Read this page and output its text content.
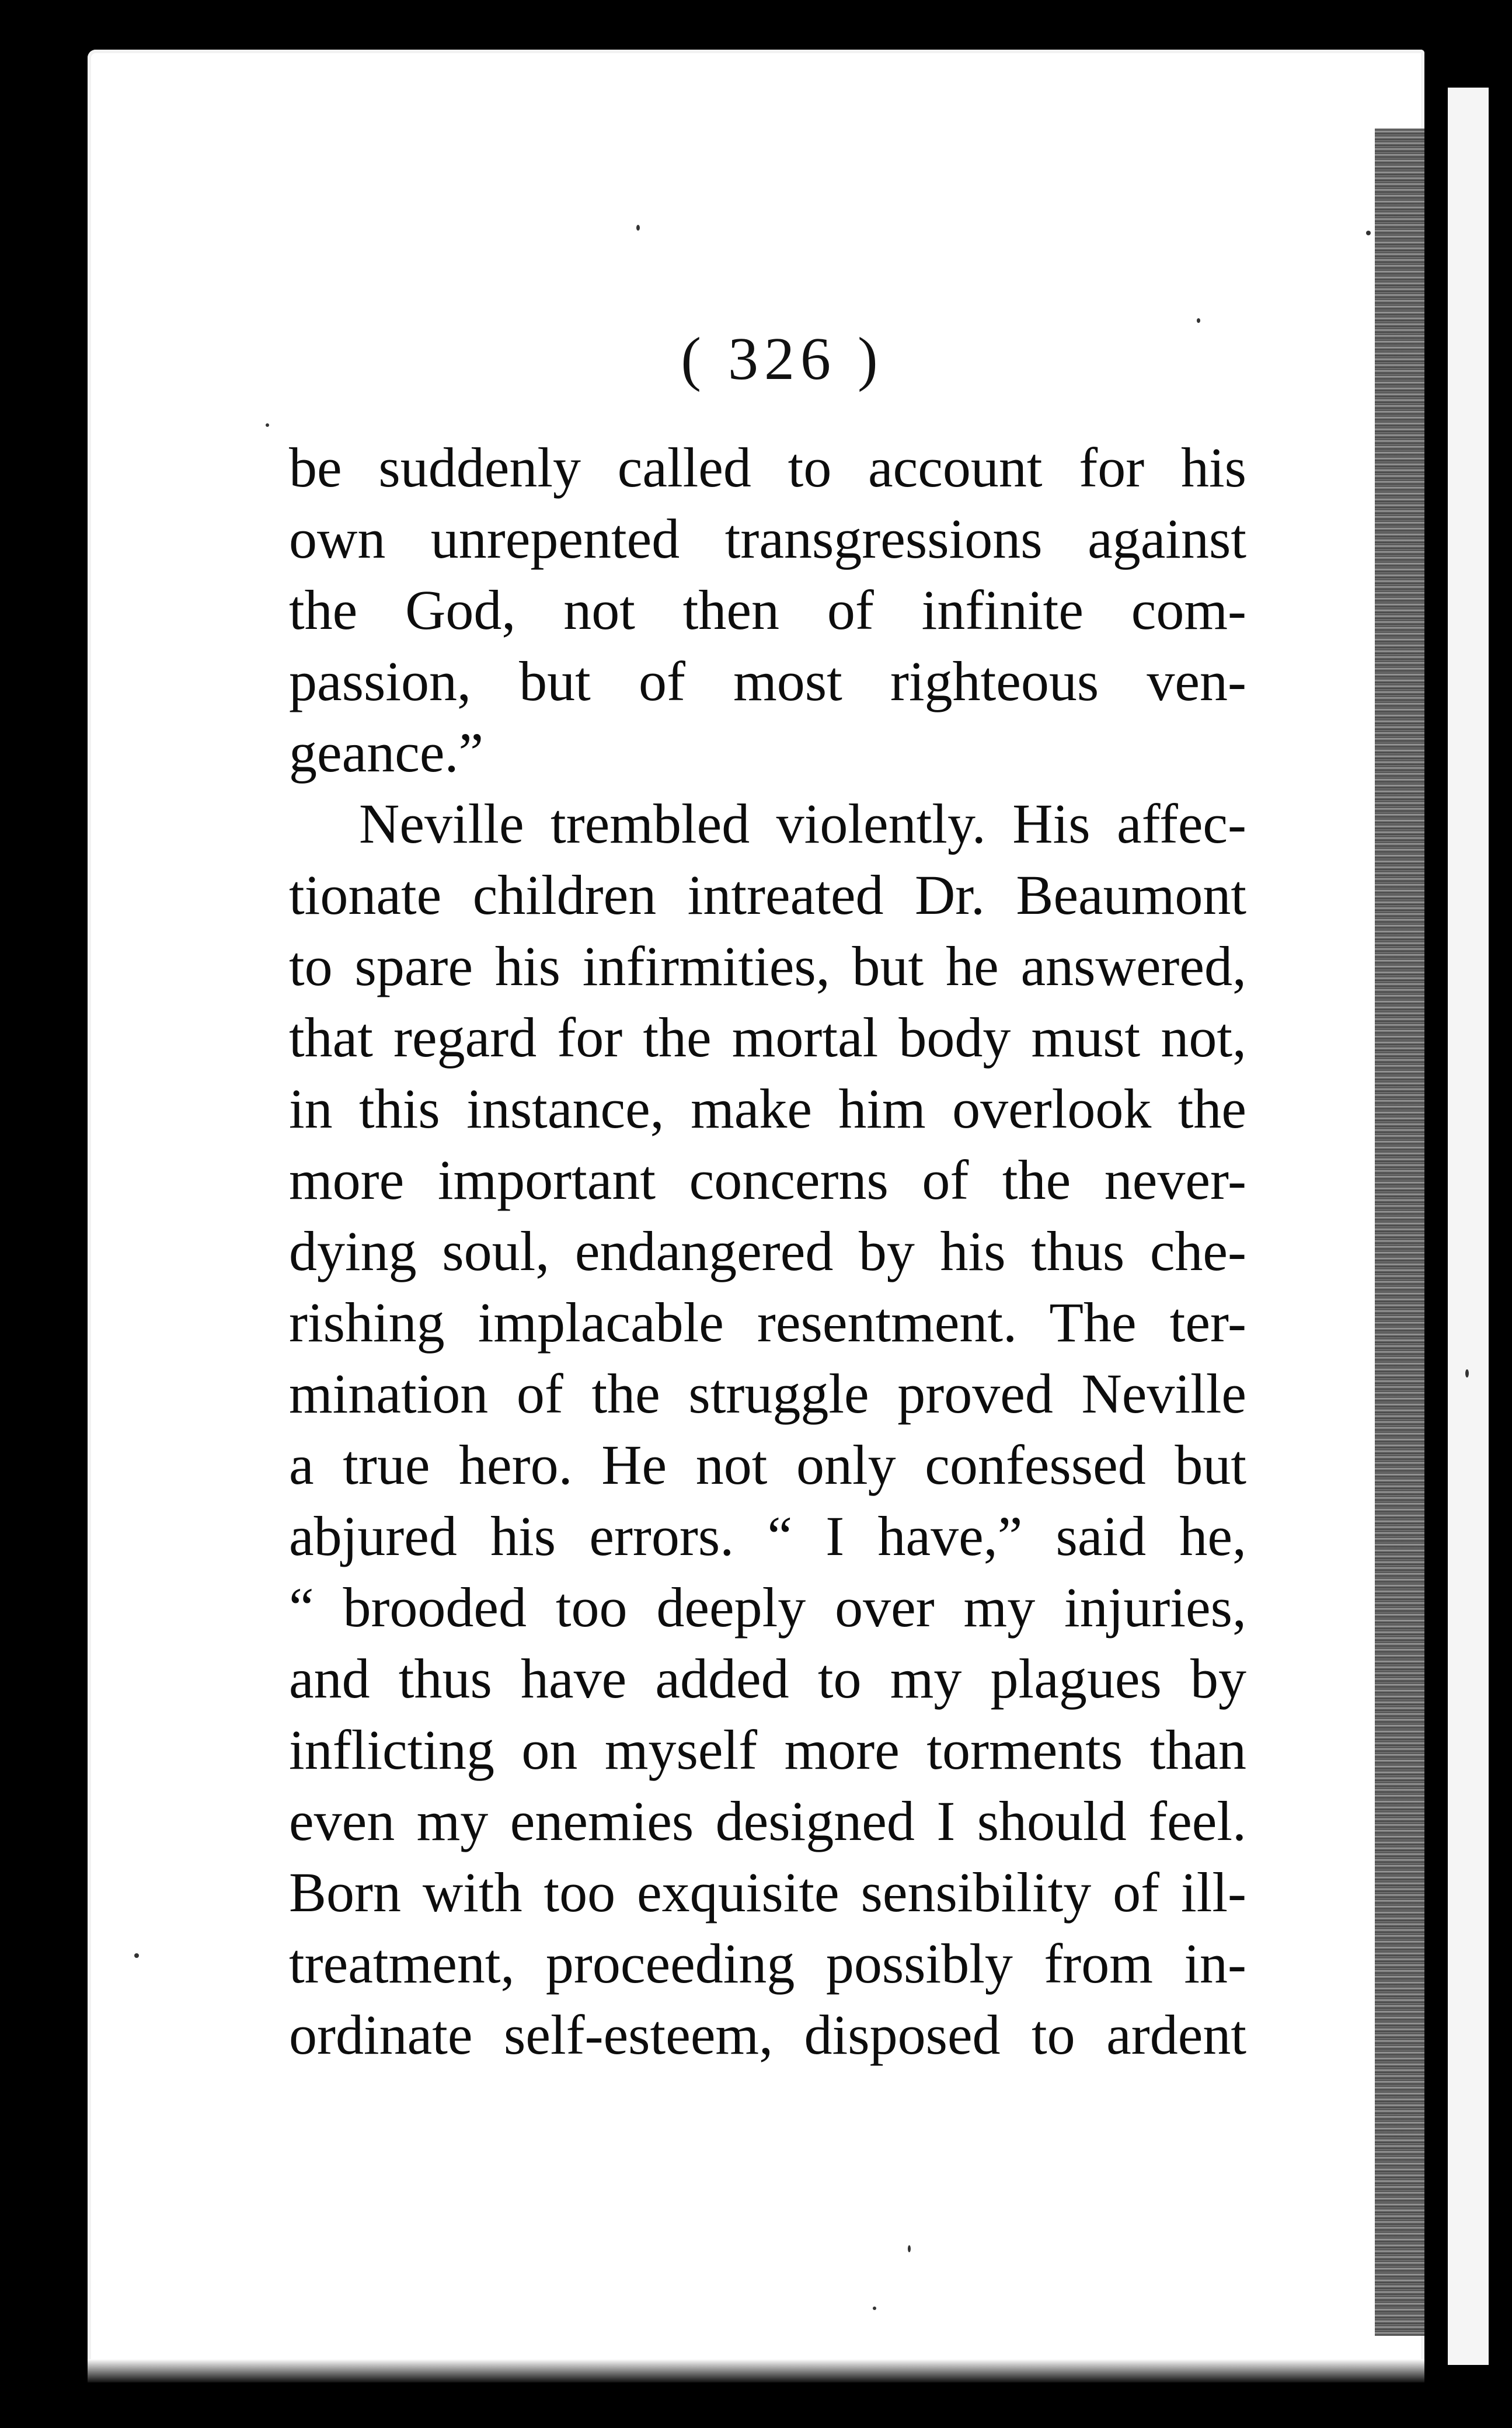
( 326 )
be suddenly called to account for his
own unrepented transgressions against
the God, not then of infinite com-
passion, but of most righteous ven-
geance.”
Neville trembled violently. His affec-
tionate children intreated Dr. Beaumont
to spare his infirmities, but he answered,
that regard for the mortal body must not,
in this instance, make him overlook the
more important concerns of the never-
dying soul, endangered by his thus che-
rishing implacable resentment. The ter-
mination of the struggle proved Neville
a true hero. He not only confessed but
abjured his errors. “ I have,” said he,
“ brooded too deeply over my injuries,
and thus have added to my plagues by
inflicting on myself more torments than
even my enemies designed I should feel.
Born with too exquisite sensibility of ill-
treatment, proceeding possibly from in-
ordinate self-esteem, disposed to ardent
